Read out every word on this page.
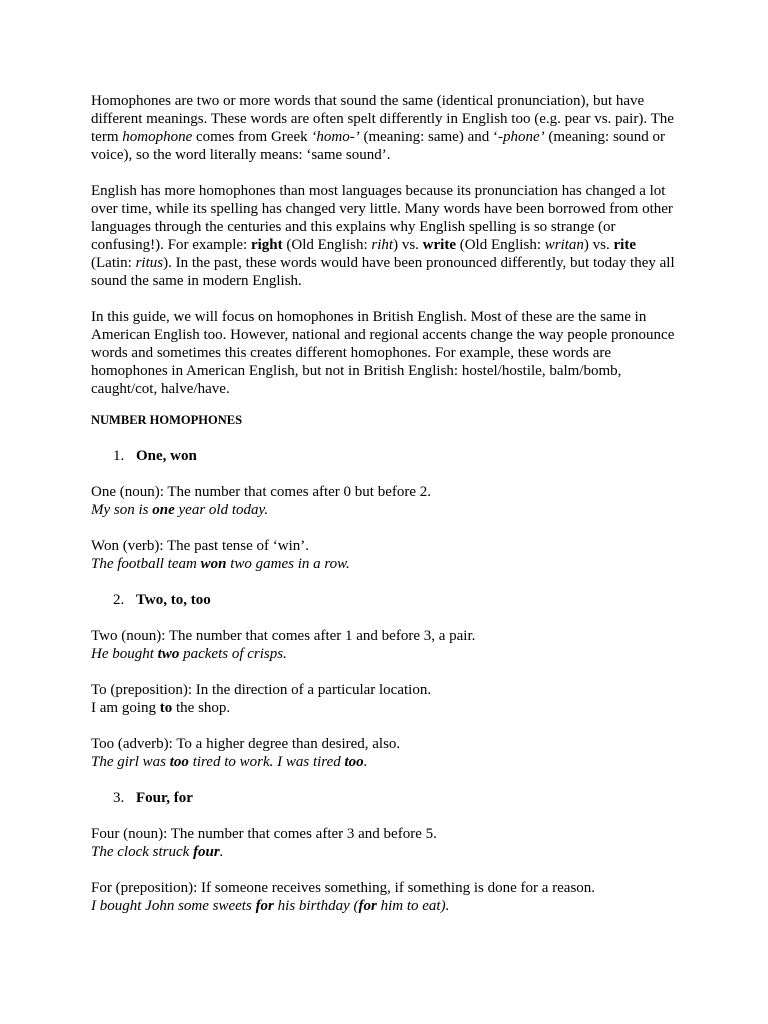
Homophones are two or more words that sound the same (identical pronunciation), but have
different meanings. These words are often spelt differently in English too (e.g. pear vs. pair). The
term homophone comes from Greek ‘homo-’ (meaning: same) and ‘-phone’ (meaning: sound or
voice), so the word literally means: ‘same sound’.
English has more homophones than most languages because its pronunciation has changed a lot
over time, while its spelling has changed very little. Many words have been borrowed from other
languages through the centuries and this explains why English spelling is so strange (or
confusing!). For example: right (Old English: riht) vs. write (Old English: writan) vs. rite
(Latin: ritus). In the past, these words would have been pronounced differently, but today they all
sound the same in modern English.
In this guide, we will focus on homophones in British English. Most of these are the same in
American English too. However, national and regional accents change the way people pronounce
words and sometimes this creates different homophones. For example, these words are
homophones in American English, but not in British English: hostel/hostile, balm/bomb,
caught/cot, halve/have.
NUMBER HOMOPHONES
1. One, won
One (noun): The number that comes after 0 but before 2.
My son is one year old today.
Won (verb): The past tense of ‘win’.
The football team won two games in a row.
2. Two, to, too
Two (noun): The number that comes after 1 and before 3, a pair.
He bought two packets of crisps.
To (preposition): In the direction of a particular location.
I am going to the shop.
Too (adverb): To a higher degree than desired, also.
The girl was too tired to work. I was tired too.
3. Four, for
Four (noun): The number that comes after 3 and before 5.
The clock struck four.
For (preposition): If someone receives something, if something is done for a reason.
I bought John some sweets for his birthday (for him to eat).
